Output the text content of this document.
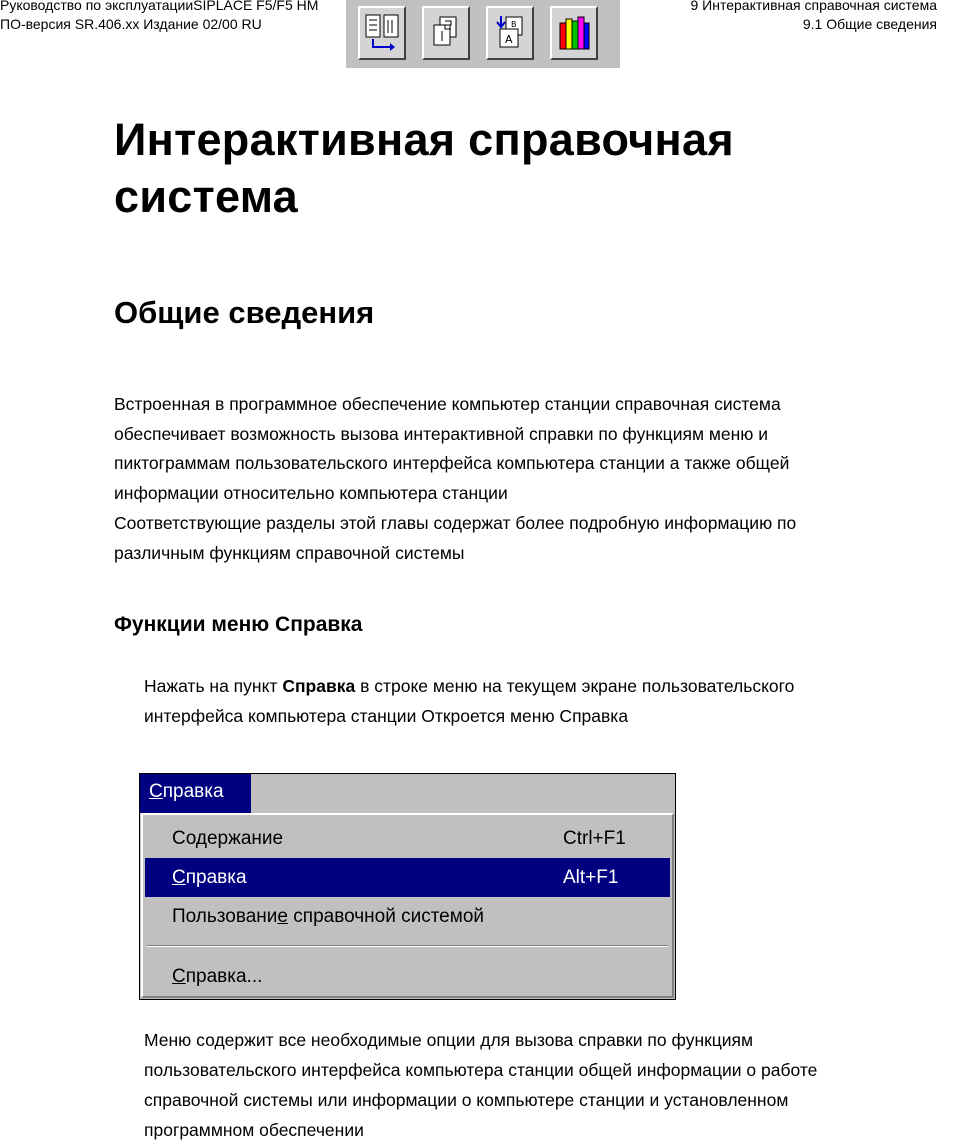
Руководство по эксплуатацииSIPLACE F5/F5 HM
ПО-версия SR.406.xx Издание 02/00 RU
9 Интерактивная справочная система
9.1 Общие сведения
A
B
Интерактивная справочная
система
Общие сведения
Встроенная в программное обеспечение компьютер станции справочная система
обеспечивает возможность вызова интерактивной справки по функциям меню и
пиктограммам пользовательского интерфейса компьютера станции а также общей
информации относительно компьютера станции
Соответствующие разделы этой главы содержат более подробную информацию по
различным функциям справочной системы
Функции меню Справка
Нажать на пункт Справка в строке меню на текущем экране пользовательского
интерфейса компьютера станции Откроется меню Справка
Справка
Содержание	Ctrl+F1
Справка	Alt+F1
Пользование справочной системой
Справка...
Меню содержит все необходимые опции для вызова справки по функциям
пользовательского интерфейса компьютера станции общей информации о работе
справочной системы или информации о компьютере станции и установленном
программном обеспечении
